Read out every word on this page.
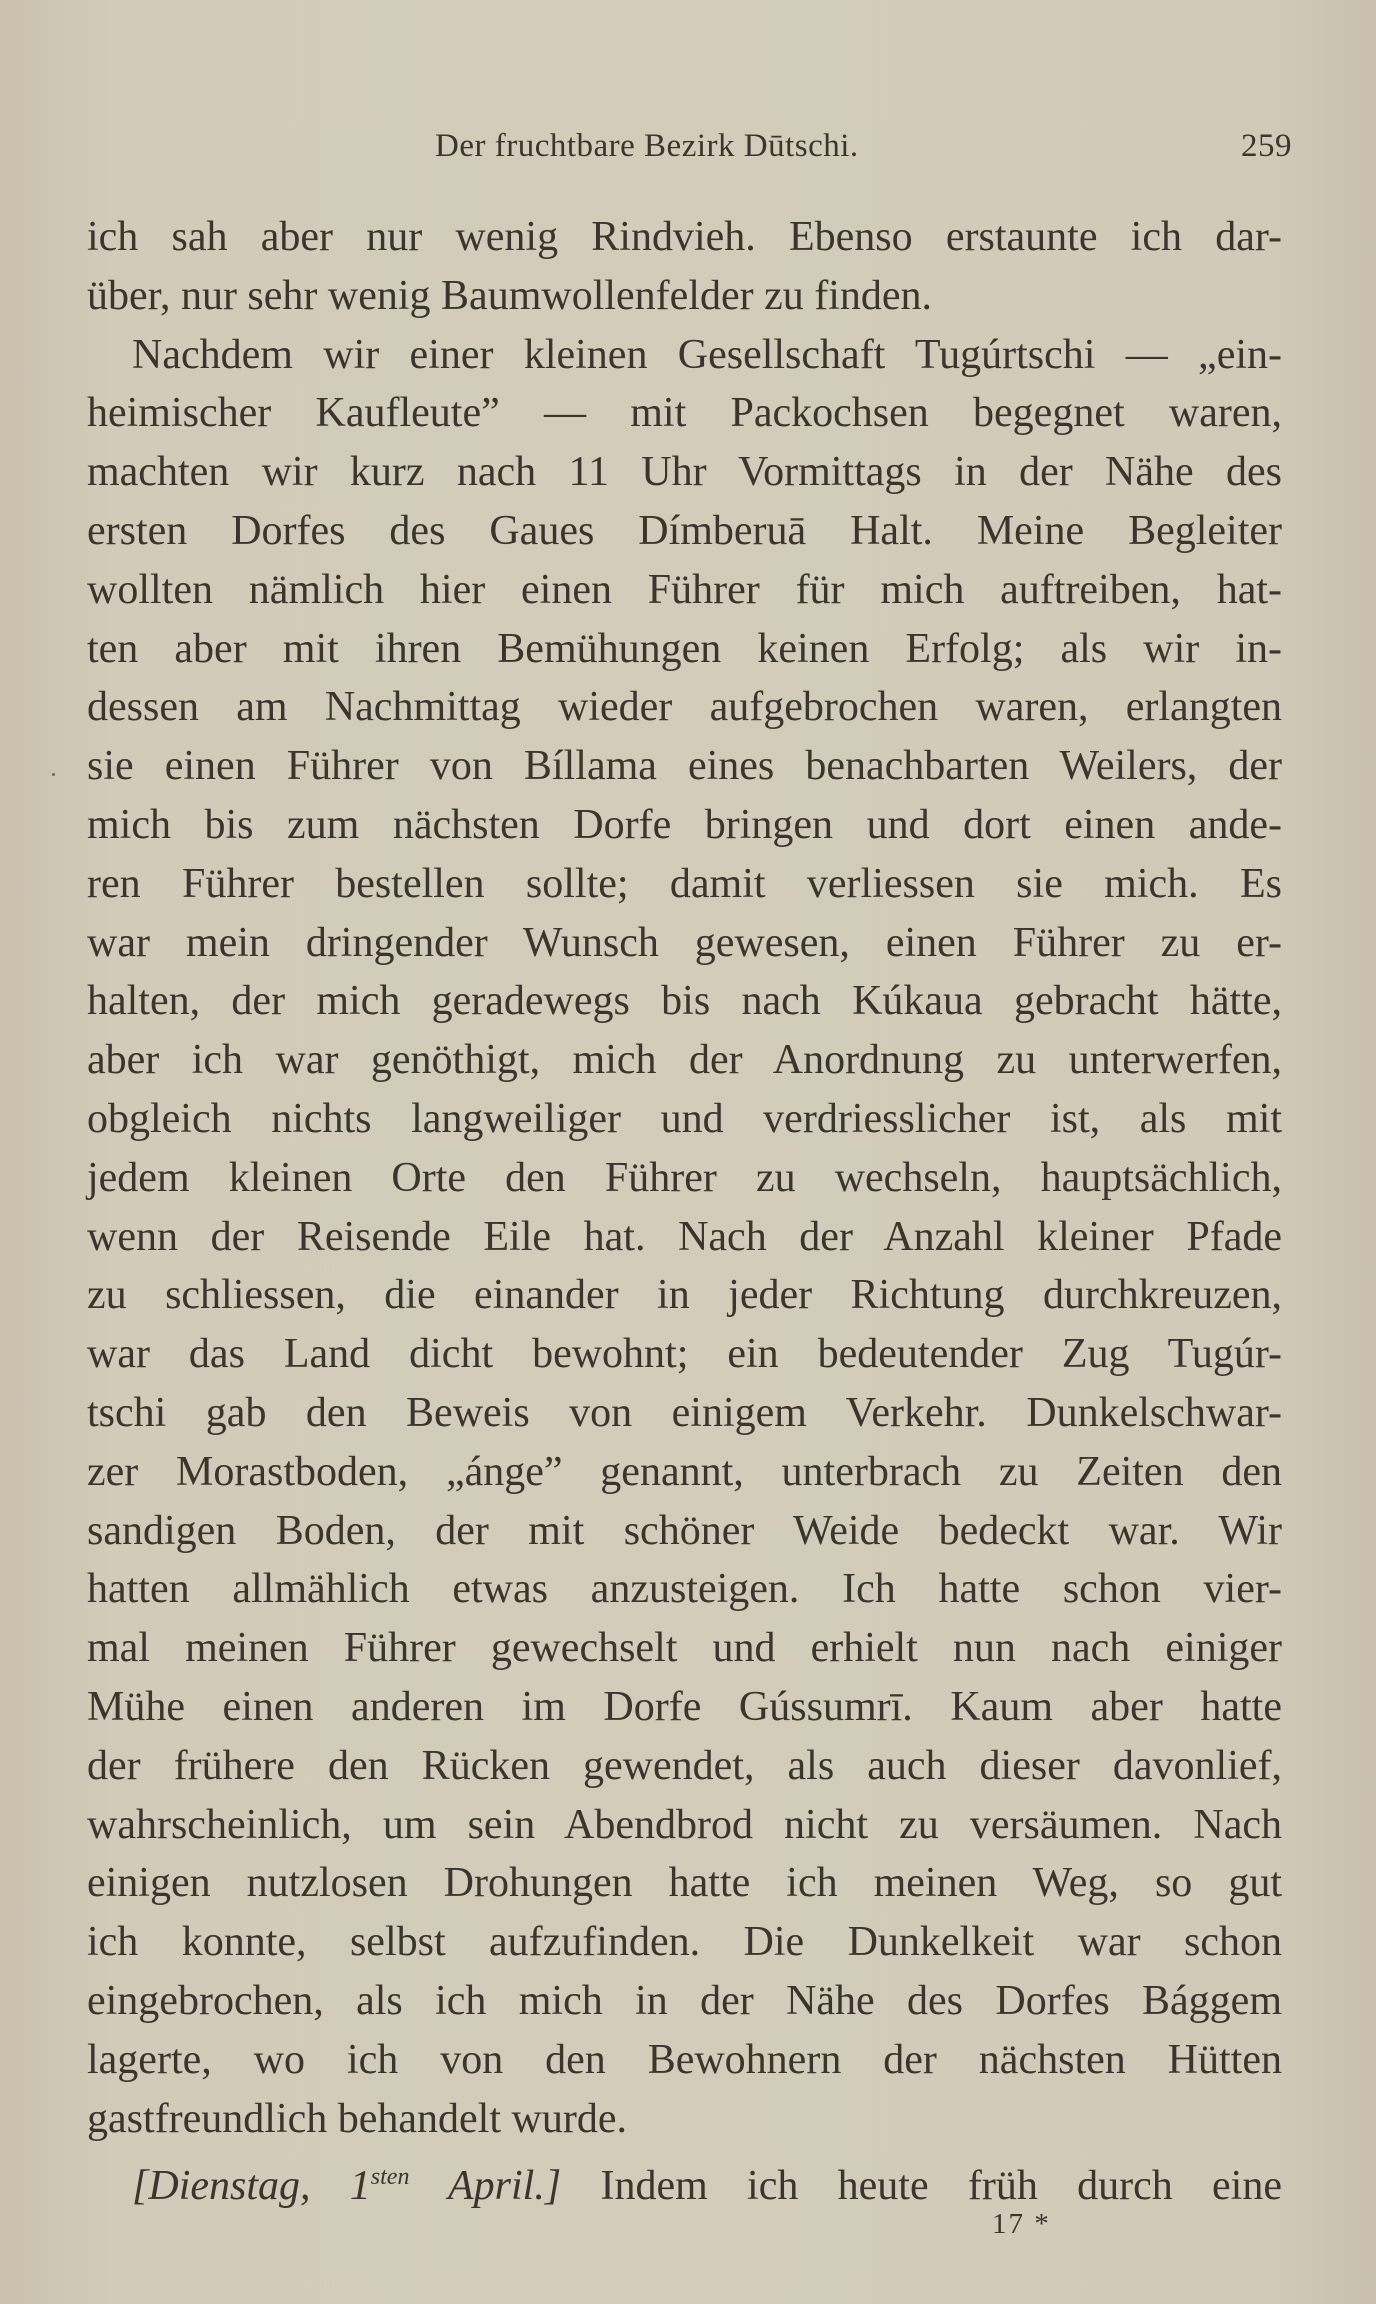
Der fruchtbare Bezirk Dūtschi.	259
ich sah aber nur wenig Rindvieh. Ebenso erstaunte ich dar-
über, nur sehr wenig Baumwollenfelder zu finden.
Nachdem wir einer kleinen Gesellschaft Tugúrtschi — „ein-
heimischer Kaufleute” — mit Packochsen begegnet waren,
machten wir kurz nach 11 Uhr Vormittags in der Nähe des
ersten Dorfes des Gaues Dímberuā Halt. Meine Begleiter
wollten nämlich hier einen Führer für mich auftreiben, hat-
ten aber mit ihren Bemühungen keinen Erfolg; als wir in-
dessen am Nachmittag wieder aufgebrochen waren, erlangten
sie einen Führer von Bíllama eines benachbarten Weilers, der
mich bis zum nächsten Dorfe bringen und dort einen ande-
ren Führer bestellen sollte; damit verliessen sie mich. Es
war mein dringender Wunsch gewesen, einen Führer zu er-
halten, der mich geradewegs bis nach Kúkaua gebracht hätte,
aber ich war genöthigt, mich der Anordnung zu unterwerfen,
obgleich nichts langweiliger und verdriesslicher ist, als mit
jedem kleinen Orte den Führer zu wechseln, hauptsächlich,
wenn der Reisende Eile hat. Nach der Anzahl kleiner Pfade
zu schliessen, die einander in jeder Richtung durchkreuzen,
war das Land dicht bewohnt; ein bedeutender Zug Tugúr-
tschi gab den Beweis von einigem Verkehr. Dunkelschwar-
zer Morastboden, „ánge” genannt, unterbrach zu Zeiten den
sandigen Boden, der mit schöner Weide bedeckt war. Wir
hatten allmählich etwas anzusteigen. Ich hatte schon vier-
mal meinen Führer gewechselt und erhielt nun nach einiger
Mühe einen anderen im Dorfe Gússumrī. Kaum aber hatte
der frühere den Rücken gewendet, als auch dieser davonlief,
wahrscheinlich, um sein Abendbrod nicht zu versäumen. Nach
einigen nutzlosen Drohungen hatte ich meinen Weg, so gut
ich konnte, selbst aufzufinden. Die Dunkelkeit war schon
eingebrochen, als ich mich in der Nähe des Dorfes Bággem
lagerte, wo ich von den Bewohnern der nächsten Hütten
gastfreundlich behandelt wurde.
[Dienstag, $1^{sten}$ April.] Indem ich heute früh durch eine
17 *
